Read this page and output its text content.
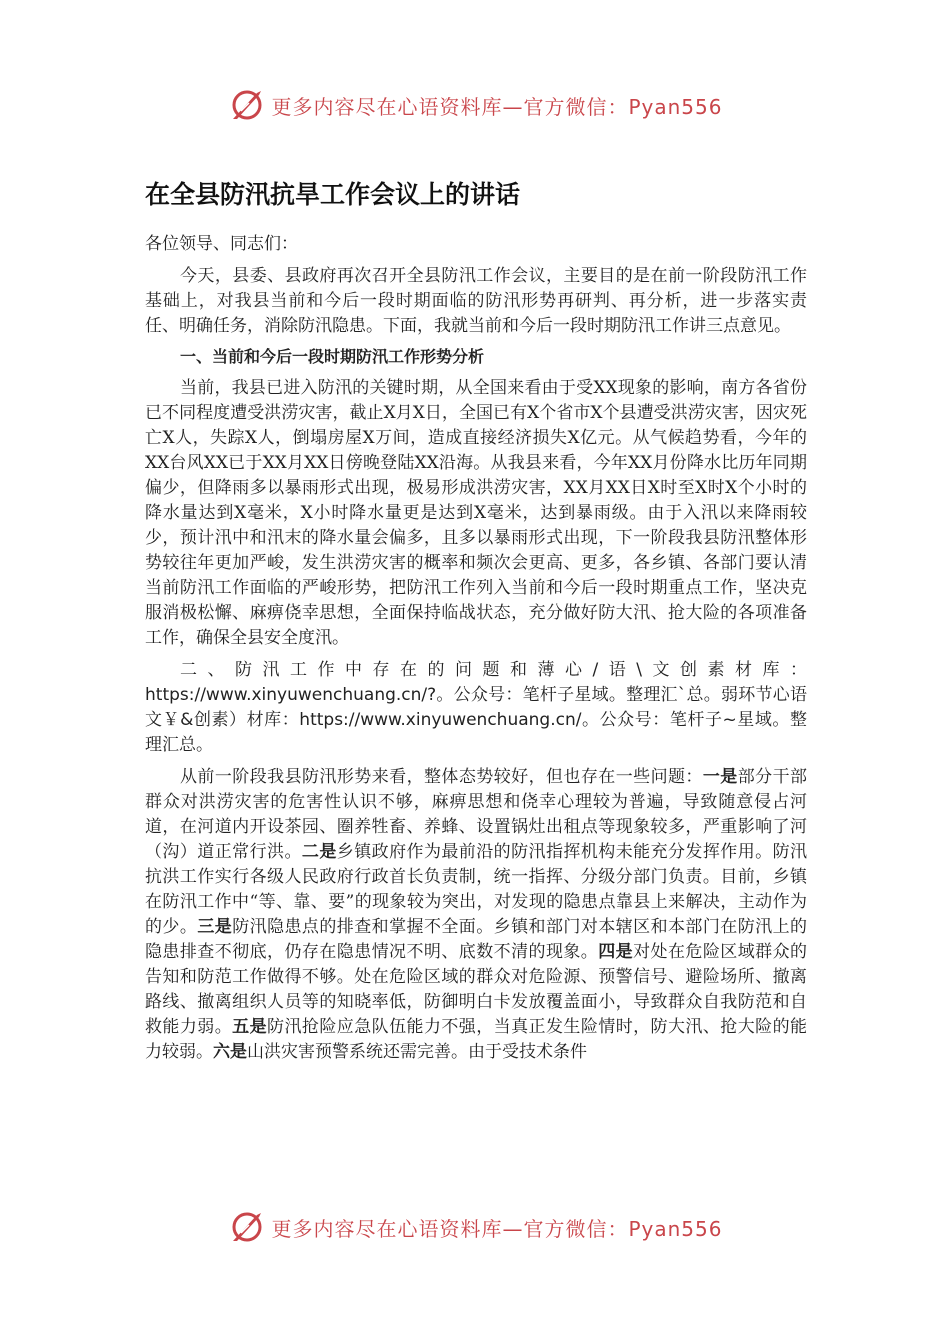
更多内容尽在心语资料库—官方微信：Pyan556
在全县防汛抗旱工作会议上的讲话

各位领导、同志们：

今天，县委、县政府再次召开全县防汛工作会议，主要目的是在前一阶段防汛工作基础上，对我县当前和今后一段时期面临的防汛形势再研判、再分析，进一步落实责任、明确任务，消除防汛隐患。下面，我就当前和今后一段时期防汛工作讲三点意见。

一、当前和今后一段时期防汛工作形势分析

当前，我县已进入防汛的关键时期，从全国来看由于受XX现象的影响，南方各省份已不同程度遭受洪涝灾害，截止X月X日，全国已有X个省市X个县遭受洪涝灾害，因灾死亡X人，失踪X人，倒塌房屋X万间，造成直接经济损失X亿元。从气候趋势看，今年的XX台风XX已于XX月XX日傍晚登陆XX沿海。从我县来看，今年XX月份降水比历年同期偏少，但降雨多以暴雨形式出现，极易形成洪涝灾害，XX月XX日X时至X时X个小时的降水量达到X毫米，X小时降水量更是达到X毫米，达到暴雨级。由于入汛以来降雨较少，预计汛中和汛末的降水量会偏多，且多以暴雨形式出现，下一阶段我县防汛整体形势较往年更加严峻，发生洪涝灾害的概率和频次会更高、更多，各乡镇、各部门要认清当前防汛工作面临的严峻形势，把防汛工作列入当前和今后一段时期重点工作，坚决克服消极松懈、麻痹侥幸思想，全面保持临战状态，充分做好防大汛、抢大险的各项准备工作，确保全县安全度汛。

二、防汛工作中存在的问题和薄心/语\文创素材库：https://www.xinyuwenchuang.cn/?。公众号：笔杆子星域。整理汇`总。弱环节心语文￥&创素）材库：https://www.xinyuwenchuang.cn/。公众号：笔杆子~星域。整理汇总。

从前一阶段我县防汛形势来看，整体态势较好，但也存在一些问题：一是部分干部群众对洪涝灾害的危害性认识不够，麻痹思想和侥幸心理较为普遍，导致随意侵占河道，在河道内开设茶园、圈养牲畜、养蜂、设置锅灶出租点等现象较多，严重影响了河（沟）道正常行洪。二是乡镇政府作为最前沿的防汛指挥机构未能充分发挥作用。防汛抗洪工作实行各级人民政府行政首长负责制，统一指挥、分级分部门负责。目前，乡镇在防汛工作中“等、靠、要”的现象较为突出，对发现的隐患点靠县上来解决，主动作为的少。三是防汛隐患点的排查和掌握不全面。乡镇和部门对本辖区和本部门在防汛上的隐患排查不彻底，仍存在隐患情况不明、底数不清的现象。四是对处在危险区域群众的告知和防范工作做得不够。处在危险区域的群众对危险源、预警信号、避险场所、撤离路线、撤离组织人员等的知晓率低，防御明白卡发放覆盖面小，导致群众自我防范和自救能力弱。五是防汛抢险应急队伍能力不强，当真正发生险情时，防大汛、抢大险的能力较弱。六是山洪灾害预警系统还需完善。由于受技术条件

更多内容尽在心语资料库—官方微信：Pyan556
